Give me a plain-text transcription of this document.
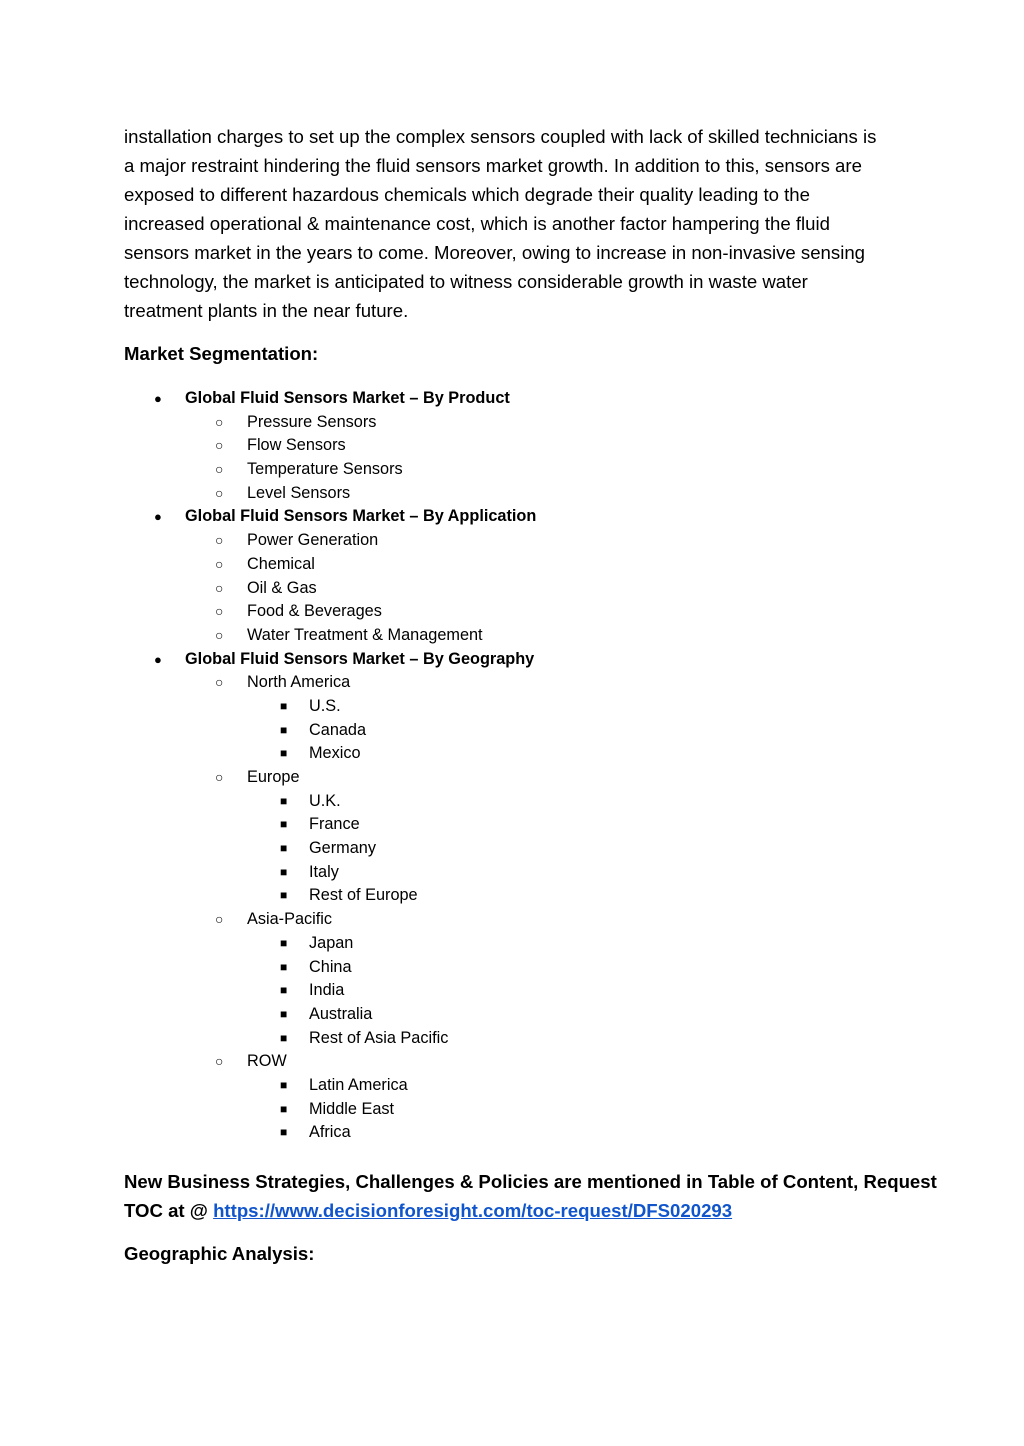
installation charges to set up the complex sensors coupled with lack of skilled technicians is
a major restraint hindering the fluid sensors market growth. In addition to this, sensors are
exposed to different hazardous chemicals which degrade their quality leading to the
increased operational & maintenance cost, which is another factor hampering the fluid
sensors market in the years to come. Moreover, owing to increase in non-invasive sensing
technology, the market is anticipated to witness considerable growth in waste water
treatment plants in the near future.

Market Segmentation:
● Global Fluid Sensors Market – By Product
○ Pressure Sensors
○ Flow Sensors
○ Temperature Sensors
○ Level Sensors
● Global Fluid Sensors Market – By Application
○ Power Generation
○ Chemical
○ Oil & Gas
○ Food & Beverages
○ Water Treatment & Management
● Global Fluid Sensors Market – By Geography
○ North America
■ U.S.
■ Canada
■ Mexico
○ Europe
■ U.K.
■ France
■ Germany
■ Italy
■ Rest of Europe
○ Asia-Pacific
■ Japan
■ China
■ India
■ Australia
■ Rest of Asia Pacific
○ ROW
■ Latin America
■ Middle East
■ Africa

New Business Strategies, Challenges & Policies are mentioned in Table of Content, Request
TOC at @ https://www.decisionforesight.com/toc-request/DFS020293

Geographic Analysis:
